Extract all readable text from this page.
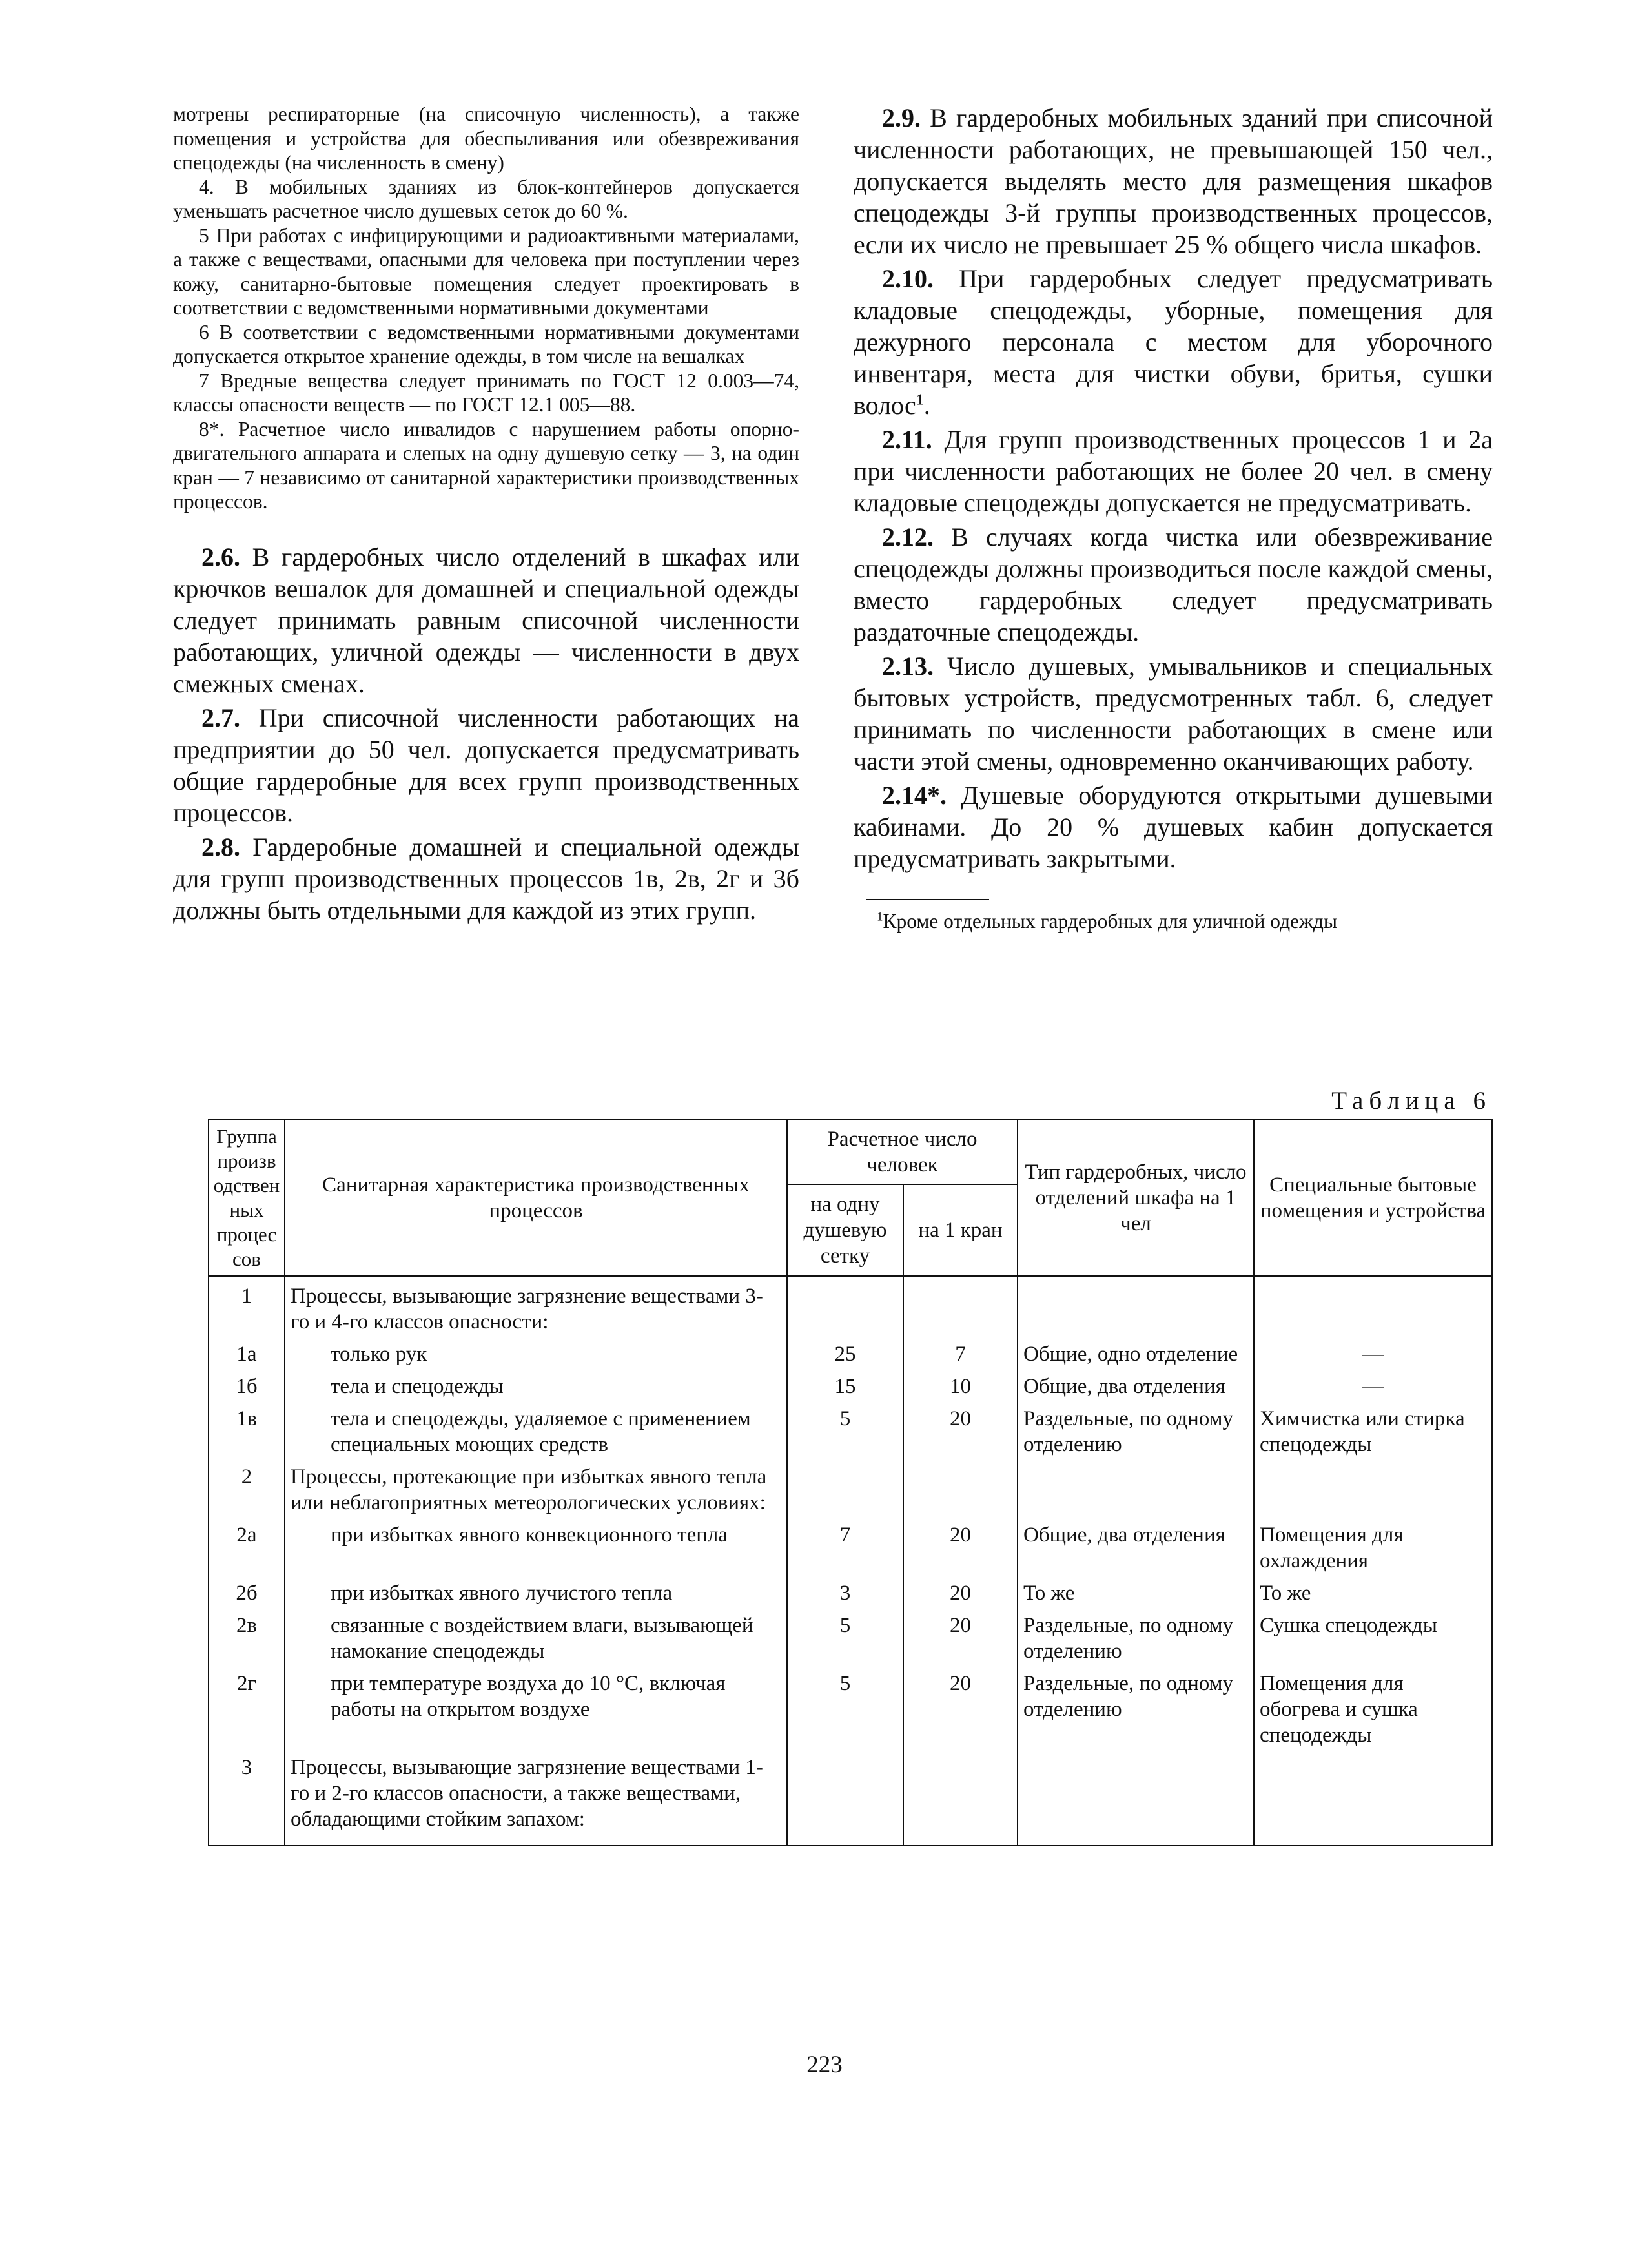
мотрены респираторные (на списочную численность), а также помещения и устройства для обеспыливания или обезвреживания спецодежды (на численность в смену)

4. В мобильных зданиях из блок-контейнеров допускается уменьшать расчетное число душевых сеток до 60 %.

5 При работах с инфицирующими и радиоактивными материалами, а также с веществами, опасными для человека при поступлении через кожу, санитарно-бытовые помещения следует проектировать в соответствии с ведомственными нормативными документами

6 В соответствии с ведомственными нормативными документами допускается открытое хранение одежды, в том числе на вешалках

7 Вредные вещества следует принимать по ГОСТ 12 0.003—74, классы опасности веществ — по ГОСТ 12.1 005—88.

8*. Расчетное число инвалидов с нарушением работы опорно-двигательного аппарата и слепых на одну душевую сетку — 3, на один кран — 7 независимо от санитарной характеристики производственных процессов.

2.6. В гардеробных число отделений в шкафах или крючков вешалок для домашней и специальной одежды следует принимать равным списочной численности работающих, уличной одежды — численности в двух смежных сменах.

2.7. При списочной численности работающих на предприятии до 50 чел. допускается предусматривать общие гардеробные для всех групп производственных процессов.

2.8. Гардеробные домашней и специальной одежды для групп производственных процессов 1в, 2в, 2г и 3б должны быть отдельными для каждой из этих групп.

2.9. В гардеробных мобильных зданий при списочной численности работающих, не превышающей 150 чел., допускается выделять место для размещения шкафов спецодежды 3-й группы производственных процессов, если их число не превышает 25 % общего числа шкафов.

2.10. При гардеробных следует предусматривать кладовые спецодежды, уборные, помещения для дежурного персонала с местом для уборочного инвентаря, места для чистки обуви, бритья, сушки волос$^1$.

2.11. Для групп производственных процессов 1 и 2а при численности работающих не более 20 чел. в смену кладовые спецодежды допускается не предусматривать.

2.12. В случаях когда чистка или обезвреживание спецодежды должны производиться после каждой смены, вместо гардеробных следует предусматривать раздаточные спецодежды.

2.13. Число душевых, умывальников и специальных бытовых устройств, предусмотренных табл. 6, следует принимать по численности работающих в смене или части этой смены, одновременно оканчивающих работу.

2.14*. Душевые оборудуются открытыми душевыми кабинами. До 20 % душевых кабин допускается предусматривать закрытыми.

$^1$Кроме отдельных гардеробных для уличной одежды

Таблица 6
Группа производственных процессов	Санитарная характеристика производственных процессов	Расчетное число человек		Тип гардеробных, число отделений шкафа на 1 чел	Специальные бытовые помещения и устройства
		на одну душевую сетку	на 1 кран		
1	Процессы, вызывающие загрязнение веществами 3-го и 4-го классов опасности:				
1а	только рук	25	7	Общие, одно отделение	—
1б	тела и спецодежды	15	10	Общие, два отделения	—
1в	тела и спецодежды, удаляемое с применением специальных моющих средств	5	20	Раздельные, по одному отделению	Химчистка или стирка спецодежды
2	Процессы, протекающие при избытках явного тепла или неблагоприятных метеорологических условиях:				
2а	при избытках явного конвекционного тепла	7	20	Общие, два отделения	Помещения для охлаждения
2б	при избытках явного лучистого тепла	3	20	То же	То же
2в	связанные с воздействием влаги, вызывающей намокание спецодежды	5	20	Раздельные, по одному отделению	Сушка спецодежды
2г	при температуре воздуха до 10 °С, включая работы на открытом воздухе	5	20	Раздельные, по одному отделению	Помещения для обогрева и сушка спецодежды
3	Процессы, вызывающие загрязнение веществами 1-го и 2-го классов опасности, а также веществами, обладающими стойким запахом:				
223
